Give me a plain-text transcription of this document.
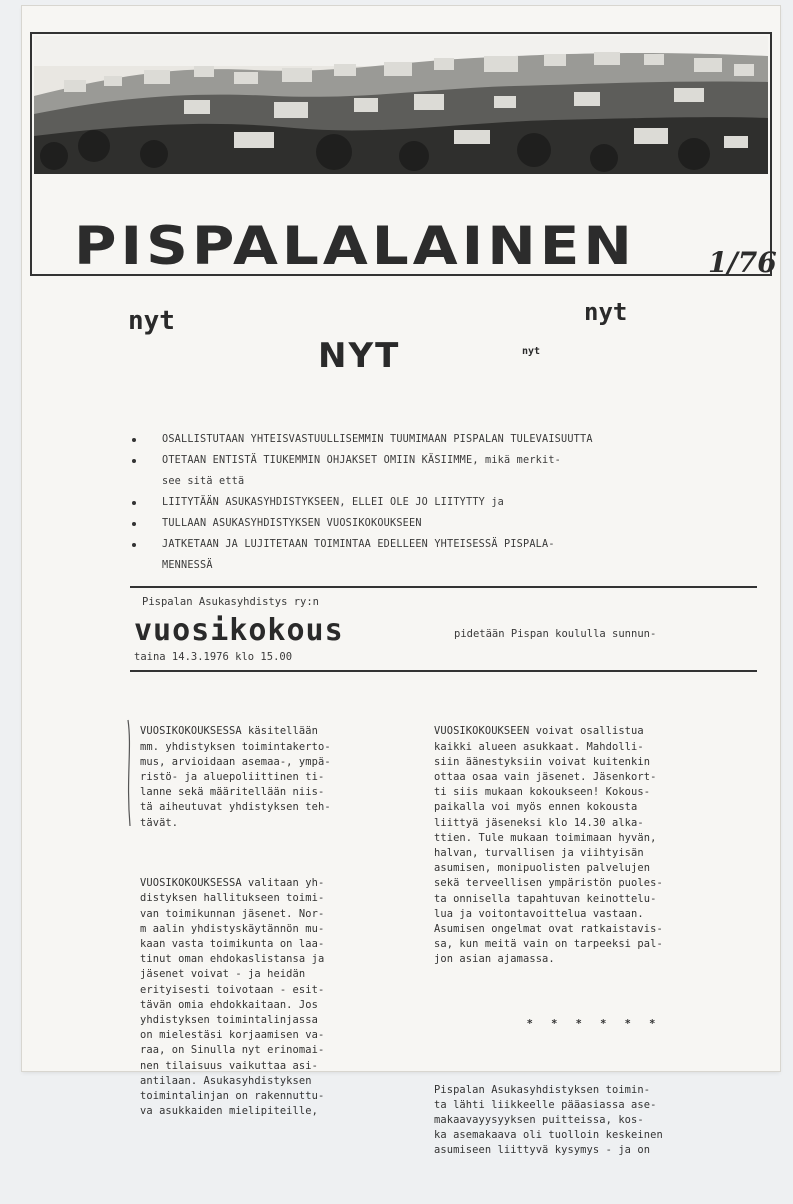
PISPALALAINEN	1/76
nyt	nyt
NYT	nyt
OSALLISTUTAAN YHTEISVASTUULLISEMMIN TUUMIMAAN PISPALAN TULEVAISUUTTA
OTETAAN ENTISTÄ TIUKEMMIN OHJAKSET OMIIN KÄSIIMME, mikä merkit-
see sitä että
LIITYTÄÄN ASUKASYHDISTYKSEEN, ELLEI OLE JO LIITYTTY ja
TULLAAN ASUKASYHDISTYKSEN VUOSIKOKOUKSEEN
JATKETAAN JA LUJITETAAN TOIMINTAA EDELLEEN YHTEISESSÄ PISPALA-
MENNESSÄ
Pispalan Asukasyhdistys ry:n
vuosikokous	pidetään Pispan koululla sunnun-
taina 14.3.1976 klo 15.00

VUOSIKOKOUKSESSA käsitellään
mm. yhdistyksen toimintakerto-
mus, arvioidaan asemaa-, ympä-
ristö- ja aluepoliittinen ti-
lanne sekä määritellään niis-
tä aiheutuvat yhdistyksen teh-
tävät.

VUOSIKOKOUKSESSA valitaan yh-
distyksen hallitukseen toimi-
van toimikunnan jäsenet. Nor-
m aalin yhdistyskäytännön mu-
kaan vasta toimikunta on laa-
tinut oman ehdokaslistansa ja
jäsenet voivat - ja heidän
erityisesti toivotaan - esit-
tävän omia ehdokkaitaan. Jos
yhdistyksen toimintalinjassa
on mielestäsi korjaamisen va-
raa, on Sinulla nyt erinomai-
nen tilaisuus vaikuttaa asi-
antilaan. Asukasyhdistyksen
toimintalinjan on rakennuttu-
va asukkaiden mielipiteille,

VUOSIKOKOUKSEEN voivat osallistua
kaikki alueen asukkaat. Mahdolli-
siin äänestyksiin voivat kuitenkin
ottaa osaa vain jäsenet. Jäsenkort-
ti siis mukaan kokoukseen! Kokous-
paikalla voi myös ennen kokousta
liittyä jäseneksi klo 14.30 alka-
ttien. Tule mukaan toimimaan hyvän,
halvan, turvallisen ja viihtyisän
asumisen, monipuolisten palvelujen
sekä terveellisen ympäristön puoles-
ta onnisella tapahtuvan keinottelu-
lua ja voitontavoittelua vastaan.
Asumisen ongelmat ovat ratkaistavis-
sa, kun meitä vain on tarpeeksi pal-
jon asian ajamassa.

* * * * * *

Pispalan Asukasyhdistyksen toimin-
ta lähti liikkeelle pääasiassa ase-
makaavayysyyksen puitteissa, kos-
ka asemakaava oli tuolloin keskeinen
asumiseen liittyvä kysymys - ja on
